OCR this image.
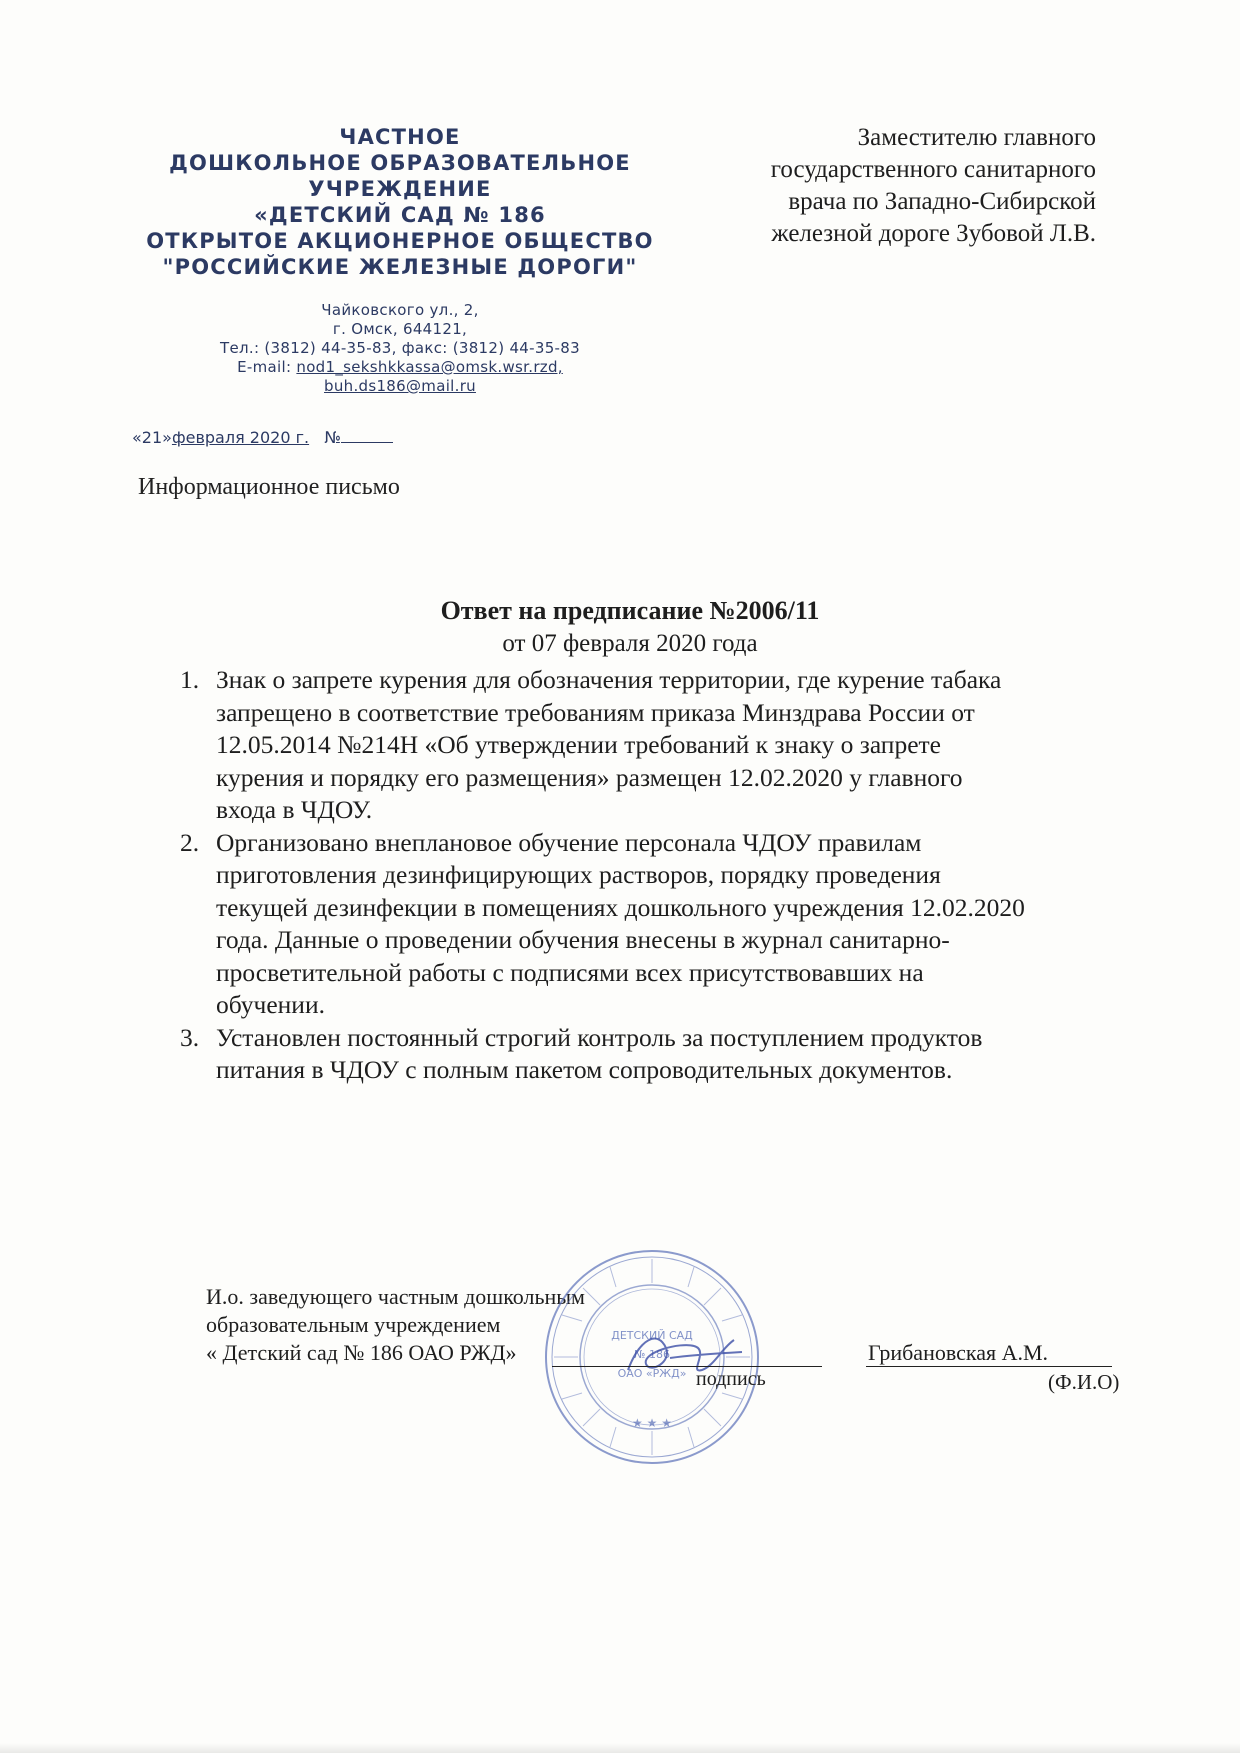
ЧАСТНОЕ
ДОШКОЛЬНОЕ ОБРАЗОВАТЕЛЬНОЕ
УЧРЕЖДЕНИЕ
«ДЕТСКИЙ САД № 186
ОТКРЫТОЕ АКЦИОНЕРНОЕ ОБЩЕСТВО
"РОССИЙСКИЕ ЖЕЛЕЗНЫЕ ДОРОГИ"
Чайковского ул., 2,
г. Омск, 644121,
Тел.: (3812) 44-35-83, факс: (3812) 44-35-83
E-mail: nod1_sekshkkassa@omsk.wsr.rzd,
buh.ds186@mail.ru
«21»февраля 2020 г. №
Информационное письмо
Заместителю главного
государственного санитарного
врача по Западно-Сибирской
железной дороге Зубовой Л.В.
Ответ на предписание №2006/11
от 07 февраля 2020 года
1. Знак о запрете курения для обозначения территории, где курение табака
запрещено в соответствие требованиям приказа Минздрава России от
12.05.2014 №214Н «Об утверждении требований к знаку о запрете
курения и порядку его размещения» размещен 12.02.2020 у главного
входа в ЧДОУ.
2. Организовано внеплановое обучение персонала ЧДОУ правилам
приготовления дезинфицирующих растворов, порядку проведения
текущей дезинфекции в помещениях дошкольного учреждения 12.02.2020
года. Данные о проведении обучения внесены в журнал санитарно-
просветительной работы с подписями всех присутствовавших на
обучении.
3. Установлен постоянный строгий контроль за поступлением продуктов
питания в ЧДОУ с полным пакетом сопроводительных документов.
И.о. заведующего частным дошкольным
образовательным учреждением
« Детский сад № 186 ОАО РЖД»
★ ★ ★
ДЕТСКИЙ САД
№ 186
ОАО «РЖД» подпись
Грибановская А.М.
(Ф.И.О)
